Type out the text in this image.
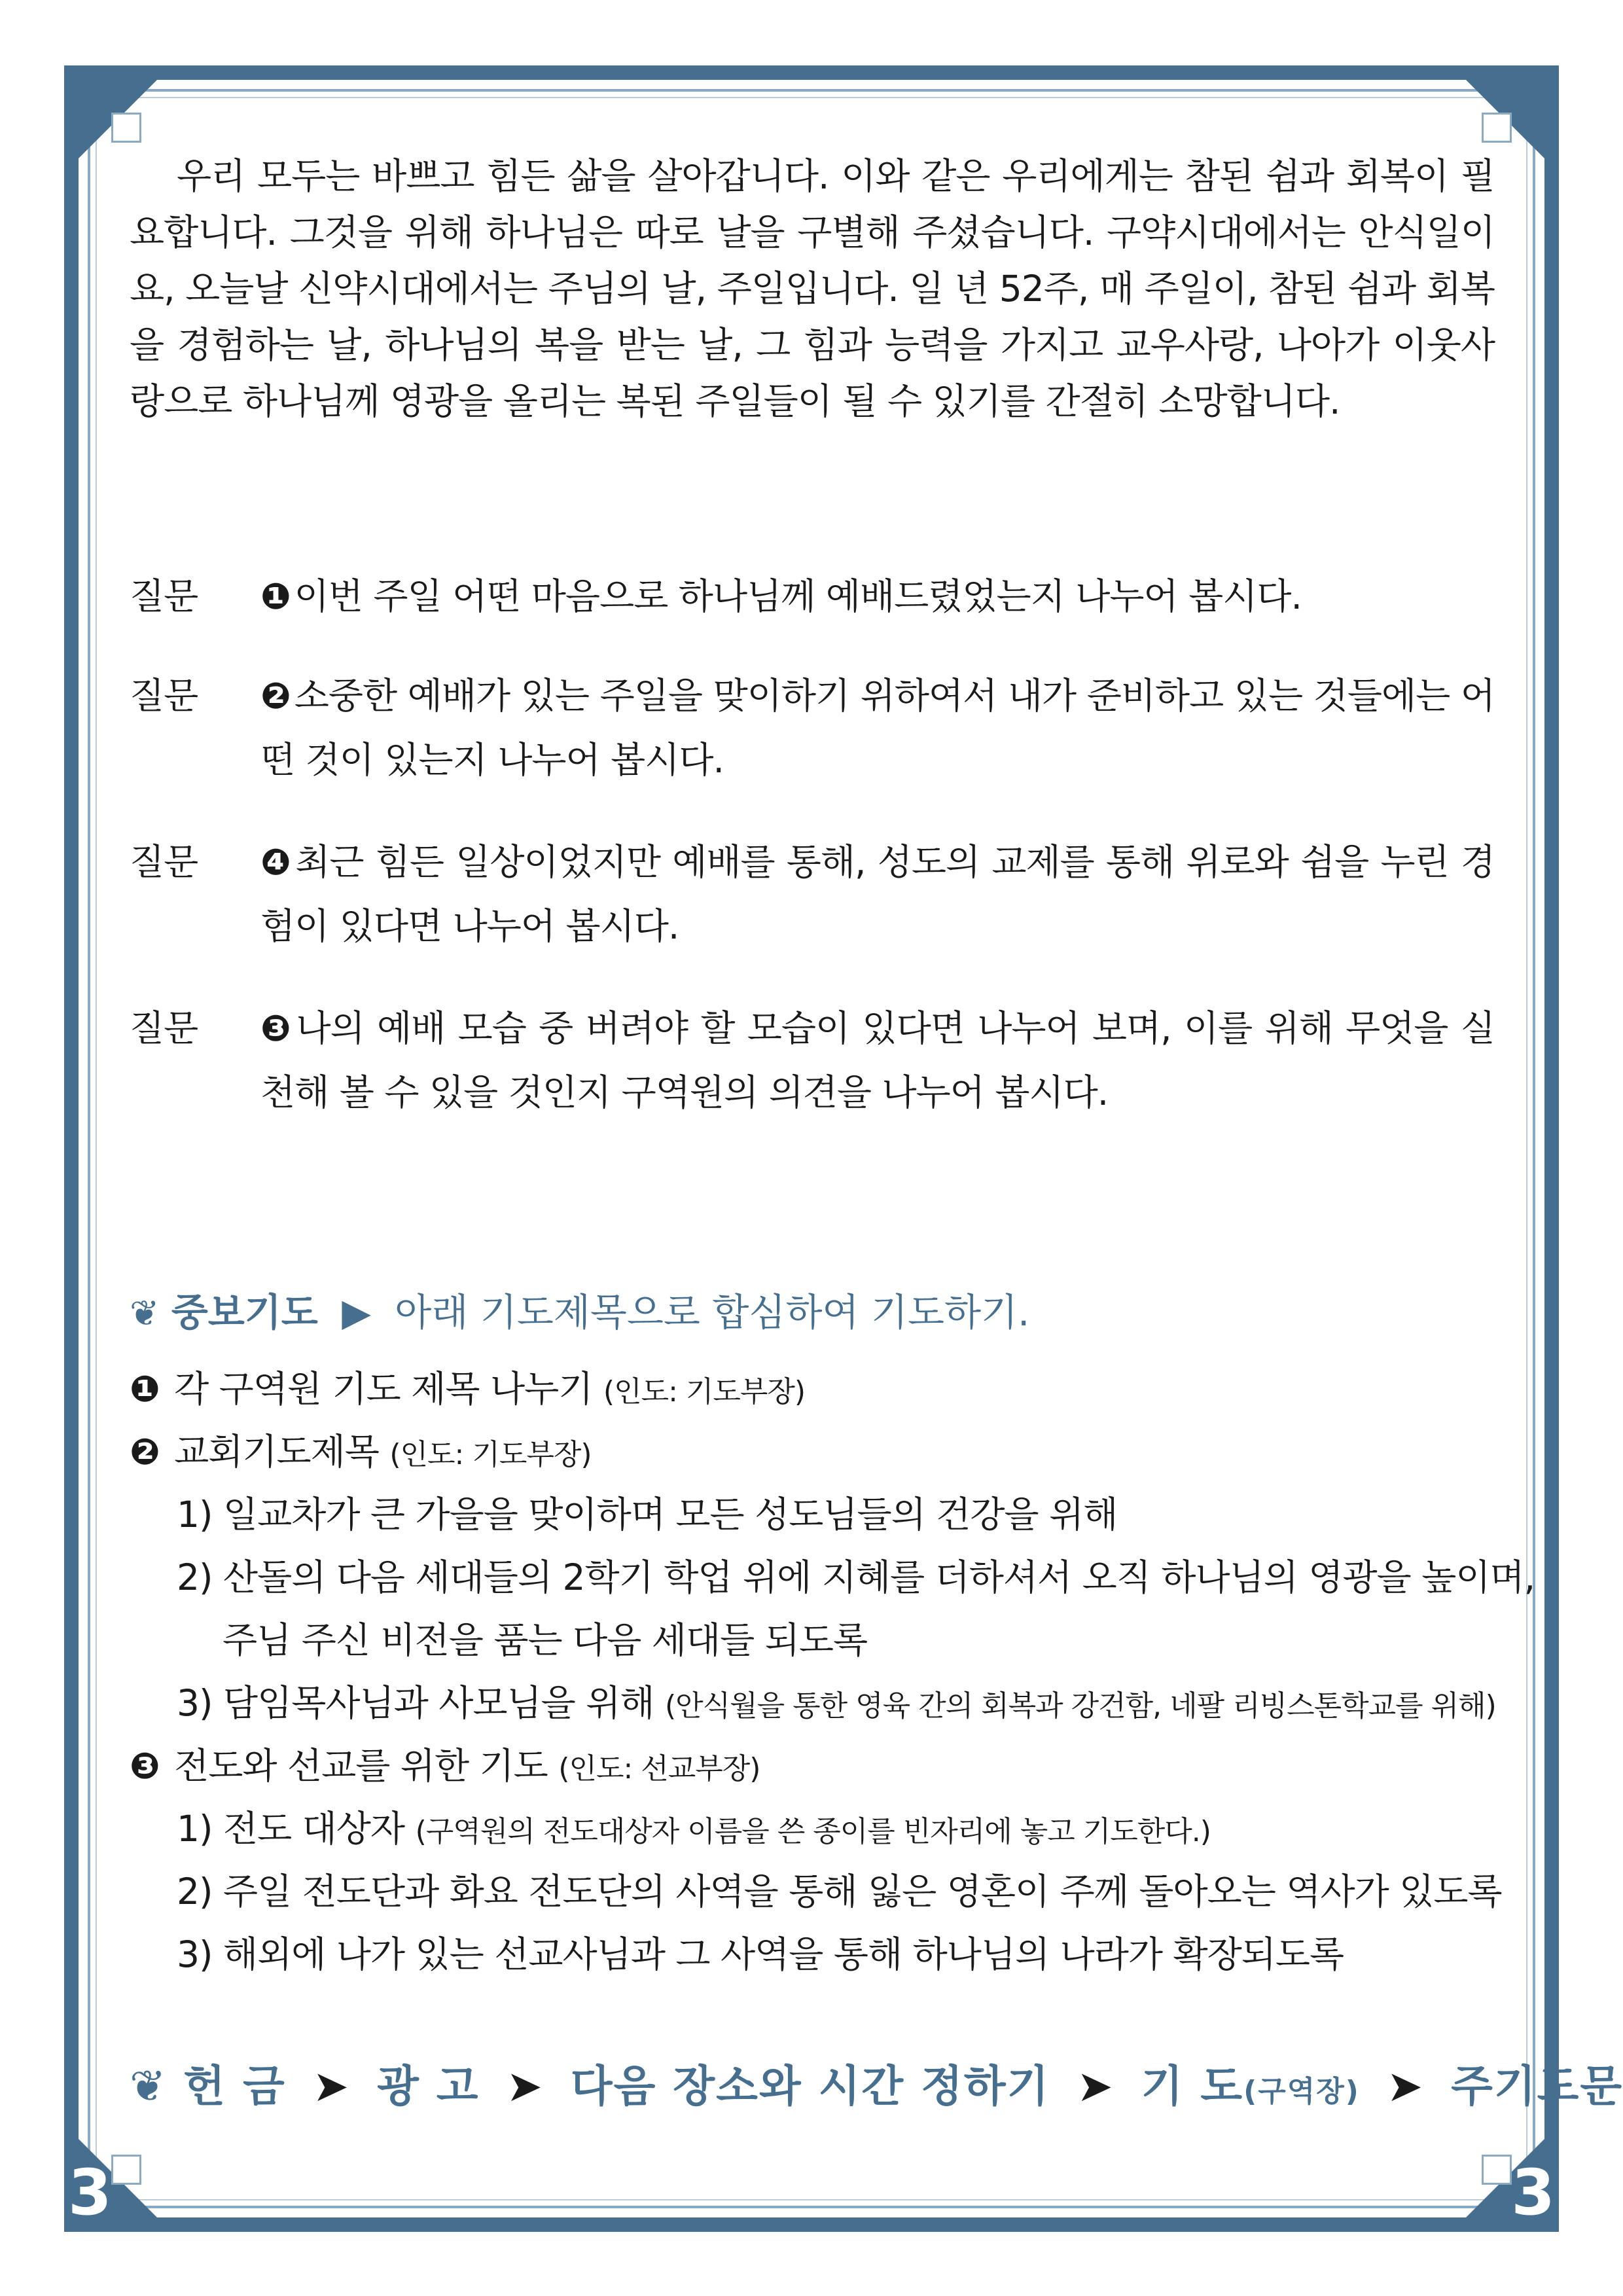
3	3
우리 모두는 바쁘고 힘든 삶을 살아갑니다. 이와 같은 우리에게는 참된 쉼과 회복이 필요합니다. 그것을 위해 하나님은 따로 날을 구별해 주셨습니다. 구약시대에서는 안식일이요, 오늘날 신약시대에서는 주님의 날, 주일입니다. 일 년 52주, 매 주일이, 참된 쉼과 회복을 경험하는 날, 하나님의 복을 받는 날, 그 힘과 능력을 가지고 교우사랑, 나아가 이웃사랑으로 하나님께 영광을 올리는 복된 주일들이 될 수 있기를 간절히 소망합니다.
질문 ❶ 이번 주일 어떤 마음으로 하나님께 예배드렸었는지 나누어 봅시다.
질문 ❷ 소중한 예배가 있는 주일을 맞이하기 위하여서 내가 준비하고 있는 것들에는 어떤 것이 있는지 나누어 봅시다.
질문 ❹ 최근 힘든 일상이었지만 예배를 통해, 성도의 교제를 통해 위로와 쉼을 누린 경험이 있다면 나누어 봅시다.
질문 ❸ 나의 예배 모습 중 버려야 할 모습이 있다면 나누어 보며, 이를 위해 무엇을 실천해 볼 수 있을 것인지 구역원의 의견을 나누어 봅시다.
❦ 중보기도 ▶ 아래 기도제목으로 합심하여 기도하기.
❶ 각 구역원 기도 제목 나누기 (인도: 기도부장)
❷ 교회기도제목 (인도: 기도부장)
1) 일교차가 큰 가을을 맞이하며 모든 성도님들의 건강을 위해
2) 산돌의 다음 세대들의 2학기 학업 위에 지혜를 더하셔서 오직 하나님의 영광을 높이며,
주님 주신 비전을 품는 다음 세대들 되도록
3) 담임목사님과 사모님을 위해 (안식월을 통한 영육 간의 회복과 강건함, 네팔 리빙스톤학교를 위해)
❸ 전도와 선교를 위한 기도 (인도: 선교부장)
1) 전도 대상자 (구역원의 전도대상자 이름을 쓴 종이를 빈자리에 놓고 기도한다.)
2) 주일 전도단과 화요 전도단의 사역을 통해 잃은 영혼이 주께 돌아오는 역사가 있도록
3) 해외에 나가 있는 선교사님과 그 사역을 통해 하나님의 나라가 확장되도록
❦ 헌 금 ➤ 광 고 ➤ 다음 장소와 시간 정하기 ➤ 기 도(구역장) ➤ 주기도문
